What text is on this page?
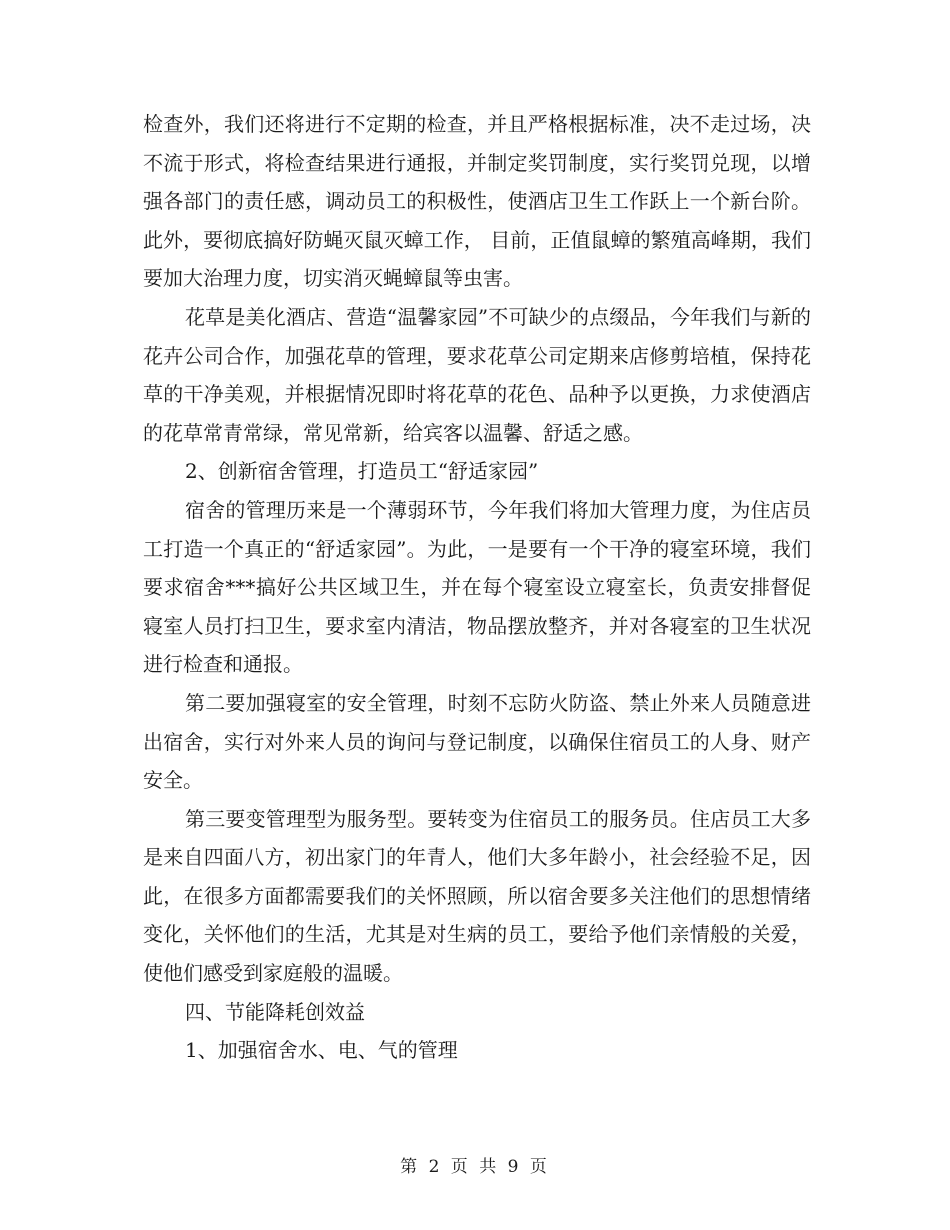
检查外，我们还将进行不定期的检查，并且严格根据标准，决不走过场，决不流于形式，将检查结果进行通报，并制定奖罚制度，实行奖罚兑现，以增强各部门的责任感，调动员工的积极性，使酒店卫生工作跃上一个新台阶。此外，要彻底搞好防蝇灭鼠灭蟑工作， 目前，正值鼠蟑的繁殖高峰期，我们要加大治理力度，切实消灭蝇蟑鼠等虫害。

花草是美化酒店、营造“温馨家园”不可缺少的点缀品，今年我们与新的花卉公司合作，加强花草的管理，要求花草公司定期来店修剪培植，保持花草的干净美观，并根据情况即时将花草的花色、品种予以更换，力求使酒店的花草常青常绿，常见常新，给宾客以温馨、舒适之感。

2、创新宿舍管理，打造员工“舒适家园”

宿舍的管理历来是一个薄弱环节，今年我们将加大管理力度，为住店员工打造一个真正的“舒适家园”。为此，一是要有一个干净的寝室环境，我们要求宿舍***搞好公共区域卫生，并在每个寝室设立寝室长，负责安排督促寝室人员打扫卫生，要求室内清洁，物品摆放整齐，并对各寝室的卫生状况进行检查和通报。

第二要加强寝室的安全管理，时刻不忘防火防盗、禁止外来人员随意进出宿舍，实行对外来人员的询问与登记制度，以确保住宿员工的人身、财产安全。

第三要变管理型为服务型。要转变为住宿员工的服务员。住店员工大多是来自四面八方，初出家门的年青人，他们大多年龄小，社会经验不足，因此，在很多方面都需要我们的关怀照顾，所以宿舍要多关注他们的思想情绪变化，关怀他们的生活，尤其是对生病的员工，要给予他们亲情般的关爱，使他们感受到家庭般的温暖。

四、节能降耗创效益

1、加强宿舍水、电、气的管理

第 2 页 共 9 页
